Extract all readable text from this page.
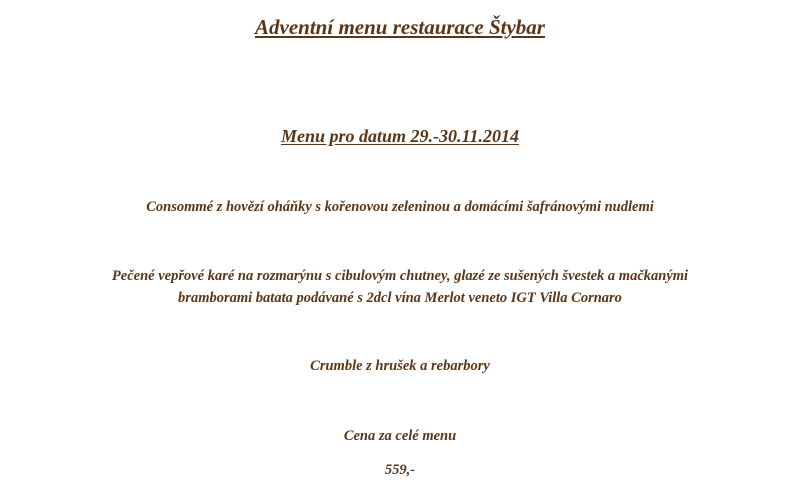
Adventní menu restaurace Štybar
Menu pro datum 29.-30.11.2014
Consommé z hovězí oháňky s kořenovou zeleninou a domácími šafránovými nudlemi
Pečené vepřové karé na rozmarýnu s cibulovým chutney, glazé ze sušených švestek a mačkanými
bramborami batata podávané s 2dcl vína Merlot veneto IGT Villa Cornaro
Crumble z hrušek a rebarbory
Cena za celé menu
559,-
